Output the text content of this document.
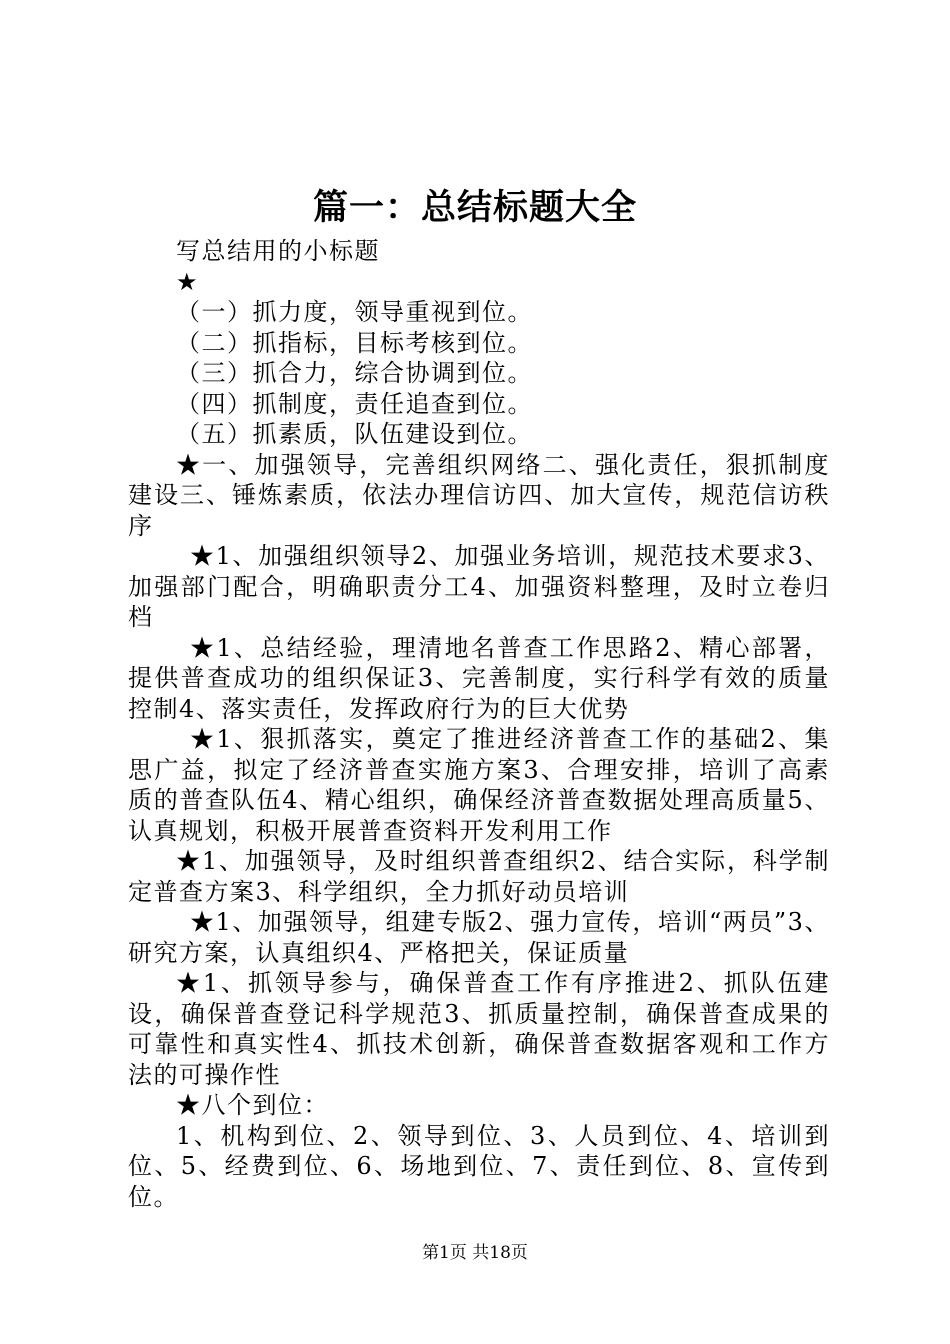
篇一：总结标题大全

写总结用的小标题

★

（一）抓力度，领导重视到位。

（二）抓指标，目标考核到位。

（三）抓合力，综合协调到位。

（四）抓制度，责任追查到位。

（五）抓素质，队伍建设到位。

★一、加强领导，完善组织网络二、强化责任，狠抓制度建设三、锤炼素质，依法办理信访四、加大宣传，规范信访秩序

★1、加强组织领导2、加强业务培训，规范技术要求3、加强部门配合，明确职责分工4、加强资料整理，及时立卷归档

★1、总结经验，理清地名普查工作思路2、精心部署，提供普查成功的组织保证3、完善制度，实行科学有效的质量控制4、落实责任，发挥政府行为的巨大优势

★1、狠抓落实，奠定了推进经济普查工作的基础2、集思广益，拟定了经济普查实施方案3、合理安排，培训了高素质的普查队伍4、精心组织，确保经济普查数据处理高质量5、认真规划，积极开展普查资料开发利用工作

★1、加强领导，及时组织普查组织2、结合实际，科学制定普查方案3、科学组织，全力抓好动员培训

★1、加强领导，组建专版2、强力宣传，培训“两员”3、研究方案，认真组织4、严格把关，保证质量

★1、抓领导参与，确保普查工作有序推进2、抓队伍建设，确保普查登记科学规范3、抓质量控制，确保普查成果的可靠性和真实性4、抓技术创新，确保普查数据客观和工作方法的可操作性

★八个到位：

1、机构到位、2、领导到位、3、人员到位、4、培训到位、5、经费到位、6、场地到位、7、责任到位、8、宣传到位。

第1页 共18页
